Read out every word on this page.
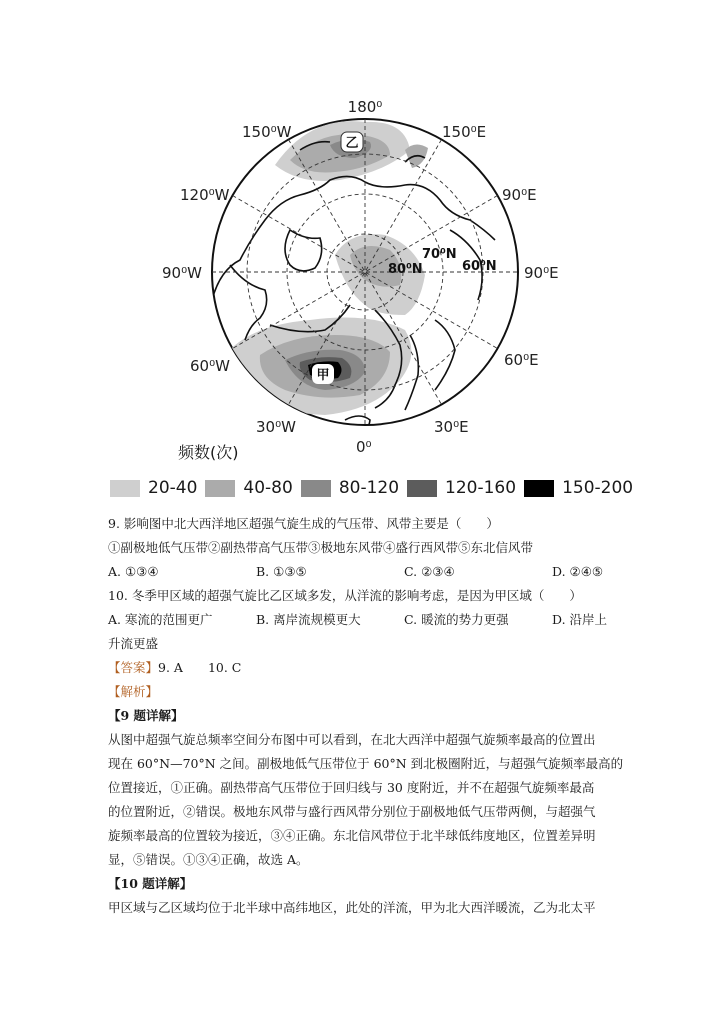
乙
甲
70⁰N
80⁰N	60⁰N
180⁰
150⁰W	150⁰E
120⁰W	90⁰E
90⁰W	90⁰E
60⁰W	60⁰E
30⁰W
0⁰
30⁰E
频数(次)
20-40	40-80	80-120	120-160	150-200
9. 影响图中北大西洋地区超强气旋生成的气压带、风带主要是（　　）
①副极地低气压带②副热带高气压带③极地东风带④盛行西风带⑤东北信风带
A. ①③④	B. ①③⑤	C. ②③④	D. ②④⑤
10. 冬季甲区域的超强气旋比乙区域多发，从洋流的影响考虑，是因为甲区域（　　）
A. 寒流的范围更广	B. 离岸流规模更大	C. 暖流的势力更强	D. 沿岸上
升流更盛
【答案】9. A　　10. C
【解析】
【9 题详解】
从图中超强气旋总频率空间分布图中可以看到，在北大西洋中超强气旋频率最高的位置出
现在 60°N—70°N 之间。副极地低气压带位于 60°N 到北极圈附近，与超强气旋频率最高的
位置接近，①正确。副热带高气压带位于回归线与 30 度附近，并不在超强气旋频率最高
的位置附近，②错误。极地东风带与盛行西风带分别位于副极地低气压带两侧，与超强气
旋频率最高的位置较为接近，③④正确。东北信风带位于北半球低纬度地区，位置差异明
显，⑤错误。①③④正确，故选 A。
【10 题详解】
甲区域与乙区域均位于北半球中高纬地区，此处的洋流，甲为北大西洋暖流，乙为北太平
